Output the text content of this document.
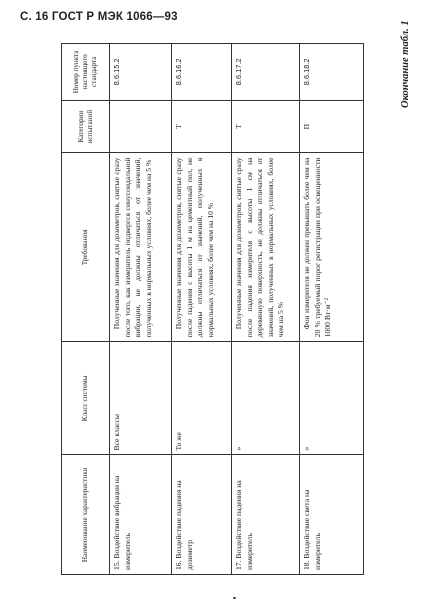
С. 16 ГОСТ Р МЭК 1066—93
Окончание табл. 1
Наименование характеристики	Класс системы	Требования	Категории испытаний	Номер пункта настоящего стандарта
15. Воздействие вибрации на измеритель	Все классы	Полученные значения для дозиметров, снятые сразу после того, как измеритель подвергся синусоидальной вибрации, не должны отличаться от значений, полученных в нормальных условиях, более чем на 5 %		8.6.15.2
16. Воздействие падения на дозиметр	То же	Полученные значения для дозиметров, снятые сразу после падения с высоты 1 м на цементный пол, не должны отличаться от значений, полученных в нормальных условиях, более чем на 10 %	Т	8.6.16.2
17. Воздействие падения на измеритель	»	Полученные значения для дозиметров, снятые сразу после падения измерителя с высоты 1 см на деревянную поверхность, не должны отличаться от значений, полученных в нормальных условиях, более чем на 5 %	Т	8.6.17.2
18. Воздействие света на измеритель	»	Фон измерителя не должен превышать более чем на 20 % требуемый порог регистрации при освещенности 1000 Вт·м⁻²	П	8.6.18.2
